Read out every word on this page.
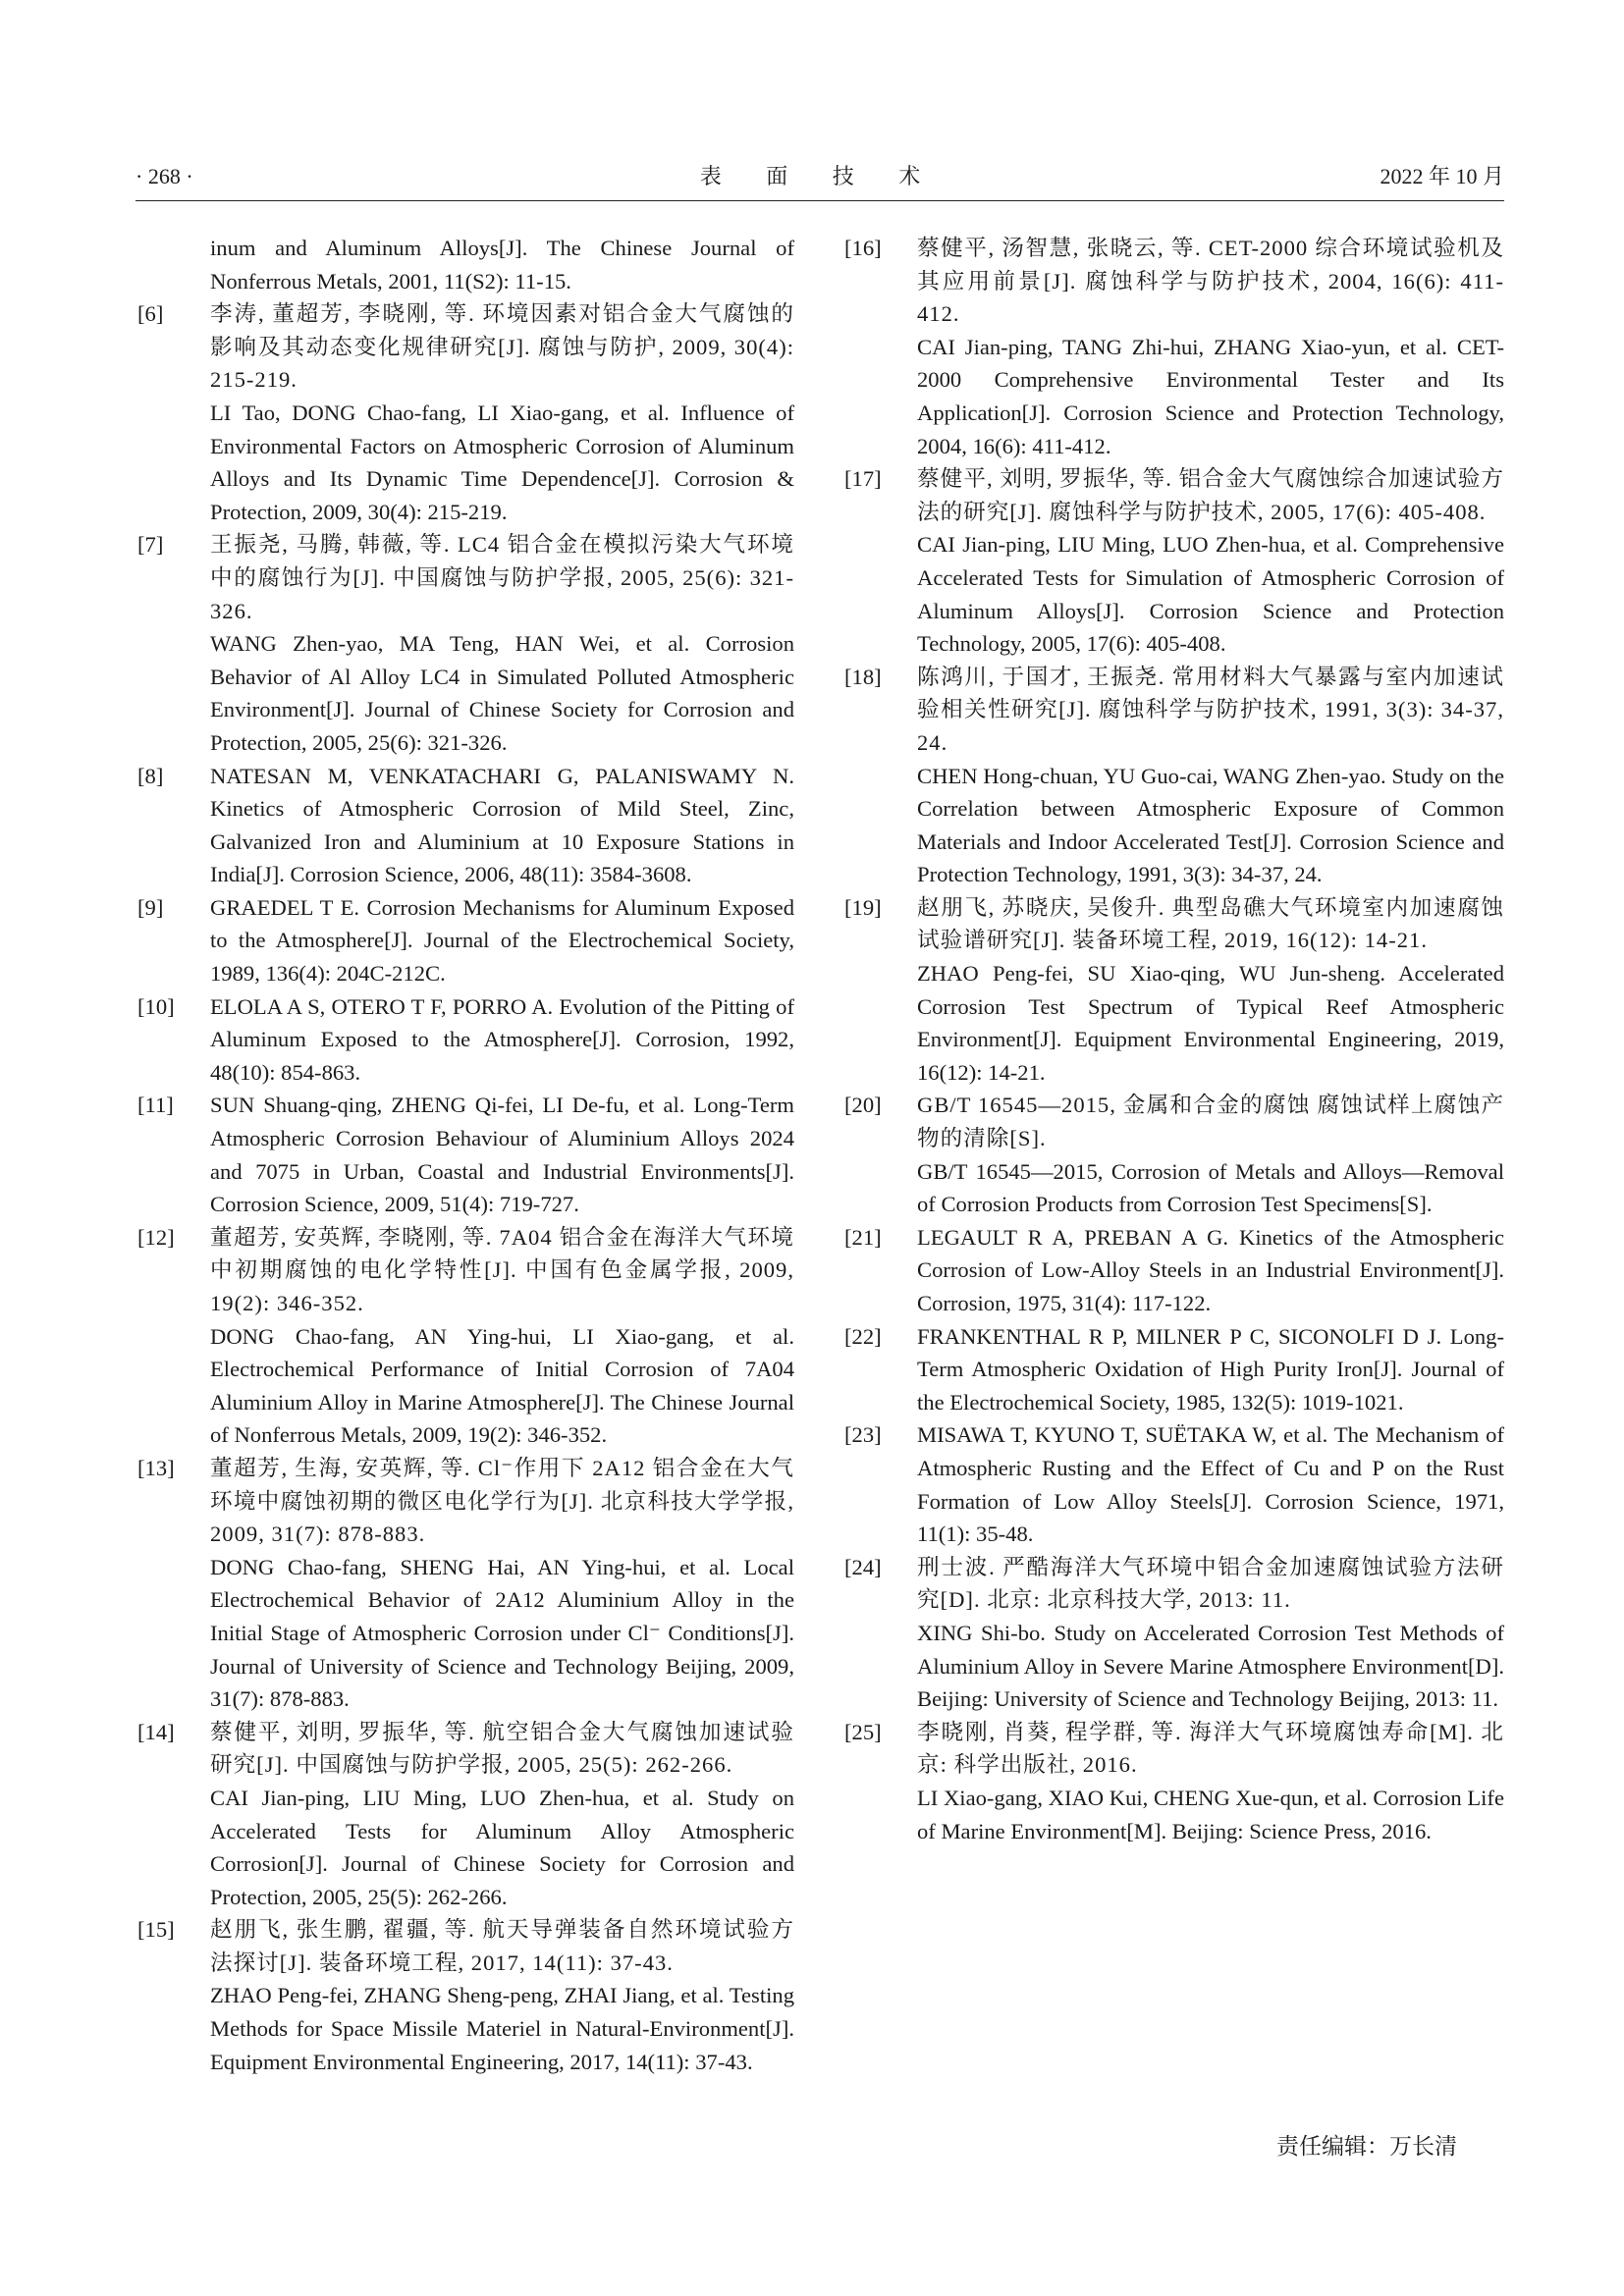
· 268 ·	表 面 技 术	2022 年 10 月
inum and Aluminum Alloys[J]. The Chinese Journal of Nonferrous Metals, 2001, 11(S2): 11-15.
[6] 李涛, 董超芳, 李晓刚, 等. 环境因素对铝合金大气腐蚀的影响及其动态变化规律研究[J]. 腐蚀与防护, 2009, 30(4): 215-219.
LI Tao, DONG Chao-fang, LI Xiao-gang, et al. Influence of Environmental Factors on Atmospheric Corrosion of Aluminum Alloys and Its Dynamic Time Dependence[J]. Corrosion & Protection, 2009, 30(4): 215-219.
[7] 王振尧, 马腾, 韩薇, 等. LC4 铝合金在模拟污染大气环境中的腐蚀行为[J]. 中国腐蚀与防护学报, 2005, 25(6): 321-326.
WANG Zhen-yao, MA Teng, HAN Wei, et al. Corrosion Behavior of Al Alloy LC4 in Simulated Polluted Atmospheric Environment[J]. Journal of Chinese Society for Corrosion and Protection, 2005, 25(6): 321-326.
[8] NATESAN M, VENKATACHARI G, PALANISWAMY N. Kinetics of Atmospheric Corrosion of Mild Steel, Zinc, Galvanized Iron and Aluminium at 10 Exposure Stations in India[J]. Corrosion Science, 2006, 48(11): 3584-3608.
[9] GRAEDEL T E. Corrosion Mechanisms for Aluminum Exposed to the Atmosphere[J]. Journal of the Electrochemical Society, 1989, 136(4): 204C-212C.
[10] ELOLA A S, OTERO T F, PORRO A. Evolution of the Pitting of Aluminum Exposed to the Atmosphere[J]. Corrosion, 1992, 48(10): 854-863.
[11] SUN Shuang-qing, ZHENG Qi-fei, LI De-fu, et al. Long-Term Atmospheric Corrosion Behaviour of Aluminium Alloys 2024 and 7075 in Urban, Coastal and Industrial Environments[J]. Corrosion Science, 2009, 51(4): 719-727.
[12] 董超芳, 安英辉, 李晓刚, 等. 7A04 铝合金在海洋大气环境中初期腐蚀的电化学特性[J]. 中国有色金属学报, 2009, 19(2): 346-352.
DONG Chao-fang, AN Ying-hui, LI Xiao-gang, et al. Electrochemical Performance of Initial Corrosion of 7A04 Aluminium Alloy in Marine Atmosphere[J]. The Chinese Journal of Nonferrous Metals, 2009, 19(2): 346-352.
[13] 董超芳, 生海, 安英辉, 等. Cl⁻作用下 2A12 铝合金在大气环境中腐蚀初期的微区电化学行为[J]. 北京科技大学学报, 2009, 31(7): 878-883.
DONG Chao-fang, SHENG Hai, AN Ying-hui, et al. Local Electrochemical Behavior of 2A12 Aluminium Alloy in the Initial Stage of Atmospheric Corrosion under Cl⁻ Conditions[J]. Journal of University of Science and Technology Beijing, 2009, 31(7): 878-883.
[14] 蔡健平, 刘明, 罗振华, 等. 航空铝合金大气腐蚀加速试验研究[J]. 中国腐蚀与防护学报, 2005, 25(5): 262-266.
CAI Jian-ping, LIU Ming, LUO Zhen-hua, et al. Study on Accelerated Tests for Aluminum Alloy Atmospheric Corrosion[J]. Journal of Chinese Society for Corrosion and Protection, 2005, 25(5): 262-266.
[15] 赵朋飞, 张生鹏, 翟疆, 等. 航天导弹装备自然环境试验方法探讨[J]. 装备环境工程, 2017, 14(11): 37-43.
ZHAO Peng-fei, ZHANG Sheng-peng, ZHAI Jiang, et al. Testing Methods for Space Missile Materiel in Natural-Environment[J]. Equipment Environmental Engineering, 2017, 14(11): 37-43.
[16] 蔡健平, 汤智慧, 张晓云, 等. CET-2000 综合环境试验机及其应用前景[J]. 腐蚀科学与防护技术, 2004, 16(6): 411-412.
CAI Jian-ping, TANG Zhi-hui, ZHANG Xiao-yun, et al. CET-2000 Comprehensive Environmental Tester and Its Application[J]. Corrosion Science and Protection Technology, 2004, 16(6): 411-412.
[17] 蔡健平, 刘明, 罗振华, 等. 铝合金大气腐蚀综合加速试验方法的研究[J]. 腐蚀科学与防护技术, 2005, 17(6): 405-408.
CAI Jian-ping, LIU Ming, LUO Zhen-hua, et al. Comprehensive Accelerated Tests for Simulation of Atmospheric Corrosion of Aluminum Alloys[J]. Corrosion Science and Protection Technology, 2005, 17(6): 405-408.
[18] 陈鸿川, 于国才, 王振尧. 常用材料大气暴露与室内加速试验相关性研究[J]. 腐蚀科学与防护技术, 1991, 3(3): 34-37, 24.
CHEN Hong-chuan, YU Guo-cai, WANG Zhen-yao. Study on the Correlation between Atmospheric Exposure of Common Materials and Indoor Accelerated Test[J]. Corrosion Science and Protection Technology, 1991, 3(3): 34-37, 24.
[19] 赵朋飞, 苏晓庆, 吴俊升. 典型岛礁大气环境室内加速腐蚀试验谱研究[J]. 装备环境工程, 2019, 16(12): 14-21.
ZHAO Peng-fei, SU Xiao-qing, WU Jun-sheng. Accelerated Corrosion Test Spectrum of Typical Reef Atmospheric Environment[J]. Equipment Environmental Engineering, 2019, 16(12): 14-21.
[20] GB/T 16545—2015, 金属和合金的腐蚀 腐蚀试样上腐蚀产物的清除[S].
GB/T 16545—2015, Corrosion of Metals and Alloys—Removal of Corrosion Products from Corrosion Test Specimens[S].
[21] LEGAULT R A, PREBAN A G. Kinetics of the Atmospheric Corrosion of Low-Alloy Steels in an Industrial Environment[J]. Corrosion, 1975, 31(4): 117-122.
[22] FRANKENTHAL R P, MILNER P C, SICONOLFI D J. Long-Term Atmospheric Oxidation of High Purity Iron[J]. Journal of the Electrochemical Society, 1985, 132(5): 1019-1021.
[23] MISAWA T, KYUNO T, SUËTAKA W, et al. The Mechanism of Atmospheric Rusting and the Effect of Cu and P on the Rust Formation of Low Alloy Steels[J]. Corrosion Science, 1971, 11(1): 35-48.
[24] 刑士波. 严酷海洋大气环境中铝合金加速腐蚀试验方法研究[D]. 北京: 北京科技大学, 2013: 11.
XING Shi-bo. Study on Accelerated Corrosion Test Methods of Aluminium Alloy in Severe Marine Atmosphere Environment[D]. Beijing: University of Science and Technology Beijing, 2013: 11.
[25] 李晓刚, 肖葵, 程学群, 等. 海洋大气环境腐蚀寿命[M]. 北京: 科学出版社, 2016.
LI Xiao-gang, XIAO Kui, CHENG Xue-qun, et al. Corrosion Life of Marine Environment[M]. Beijing: Science Press, 2016.
责任编辑：万长清
